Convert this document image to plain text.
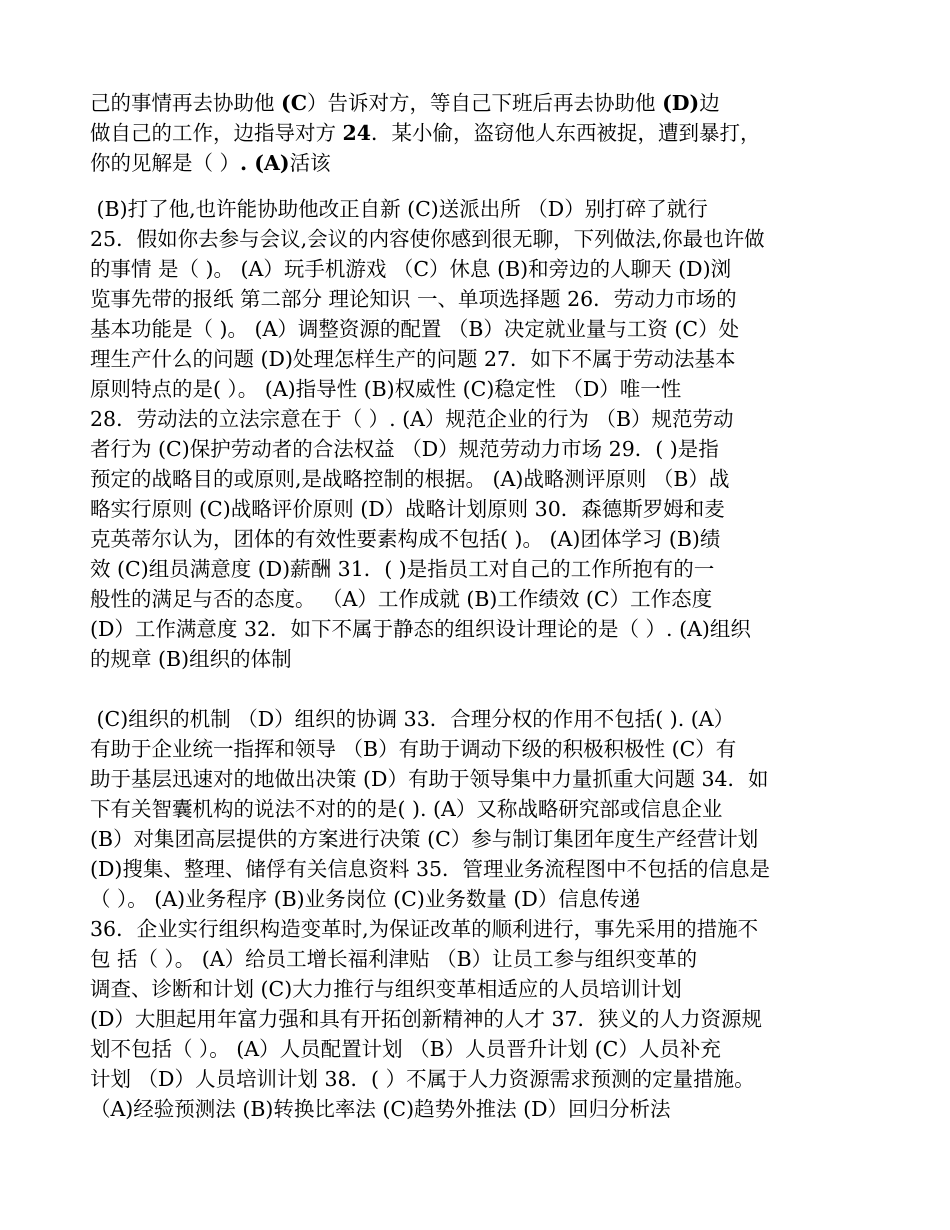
己的事情再去协助他 (C）告诉对方，等自己下班后再去协助他 (D)边
做自己的工作，边指导对方 24．某小偷，盗窃他人东西被捉，遭到暴打，
你的见解是（ ）. (A)活该
(B)打了他,也许能协助他改正自新 (C)送派出所 （D）别打碎了就行
25．假如你去参与会议,会议的内容使你感到很无聊，下列做法,你最也许做
的事情 是（ )。 (A）玩手机游戏 （C）休息 (B)和旁边的人聊天 (D)浏
览事先带的报纸 第二部分 理论知识 一、单项选择题 26．劳动力市场的
基本功能是（ )。 (A）调整资源的配置 （B）决定就业量与工资 (C）处
理生产什么的问题 (D)处理怎样生产的问题 27．如下不属于劳动法基本
原则特点的是( ）。 (A)指导性 (B)权威性 (C)稳定性 （D）唯一性
28．劳动法的立法宗意在于（ ）. (A）规范企业的行为 （B）规范劳动
者行为 (C)保护劳动者的合法权益 （D）规范劳动力市场 29．( )是指
预定的战略目的或原则,是战略控制的根据。 (A)战略测评原则 （B）战
略实行原则 (C)战略评价原则 (D）战略计划原则 30．森德斯罗姆和麦
克英蒂尔认为，团体的有效性要素构成不包括( )。 (A)团体学习 (B)绩
效 (C)组员满意度 (D)薪酬 31．( )是指员工对自己的工作所抱有的一
般性的满足与否的态度。 （A）工作成就 (B)工作绩效 (C）工作态度
(D）工作满意度 32．如下不属于静态的组织设计理论的是（ ）. (A)组织
的规章 (B)组织的体制
(C)组织的机制 （D）组织的协调 33．合理分权的作用不包括( ). (A）
有助于企业统一指挥和领导 （B）有助于调动下级的积极积极性 (C）有
助于基层迅速对的地做出决策 (D）有助于领导集中力量抓重大问题 34．如
下有关智囊机构的说法不对的的是( ). (A）又称战略研究部或信息企业
(B）对集团高层提供的方案进行决策 (C）参与制订集团年度生产经营计划
(D)搜集、整理、储俘有关信息资料 35．管理业务流程图中不包括的信息是
（ ）。 (A)业务程序 (B)业务岗位 (C)业务数量 (D）信息传递
36．企业实行组织构造变革时,为保证改革的顺利进行，事先采用的措施不
包 括（ ）。 (A）给员工增长福利津贴 （B）让员工参与组织变革的
调查、诊断和计划 (C)大力推行与组织变革相适应的人员培训计划
(D）大胆起用年富力强和具有开拓创新精神的人才 37．狭义的人力资源规
划不包括（ ）。 (A）人员配置计划 （B）人员晋升计划 (C）人员补充
计划 （D）人员培训计划 38．( ）不属于人力资源需求预测的定量措施。
（A)经验预测法 (B)转换比率法 (C)趋势外推法 (D）回归分析法
